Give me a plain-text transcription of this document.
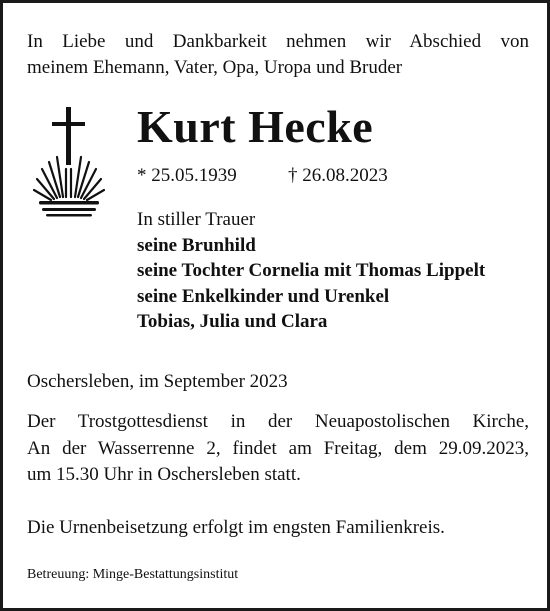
In Liebe und Dankbarkeit nehmen wir Abschied von
meinem Ehemann, Vater, Opa, Uropa und Bruder
Kurt Hecke
* 25.05.1939	† 26.08.2023
In stiller Trauer
seine Brunhild
seine Tochter Cornelia mit Thomas Lippelt
seine Enkelkinder und Urenkel
Tobias, Julia und Clara
Oschersleben, im September 2023
Der Trostgottesdienst in der Neuapostolischen Kirche,
An der Wasserrenne 2, findet am Freitag, dem 29.09.2023,
um 15.30 Uhr in Oschersleben statt.
Die Urnenbeisetzung erfolgt im engsten Familienkreis.
Betreuung: Minge-Bestattungsinstitut
